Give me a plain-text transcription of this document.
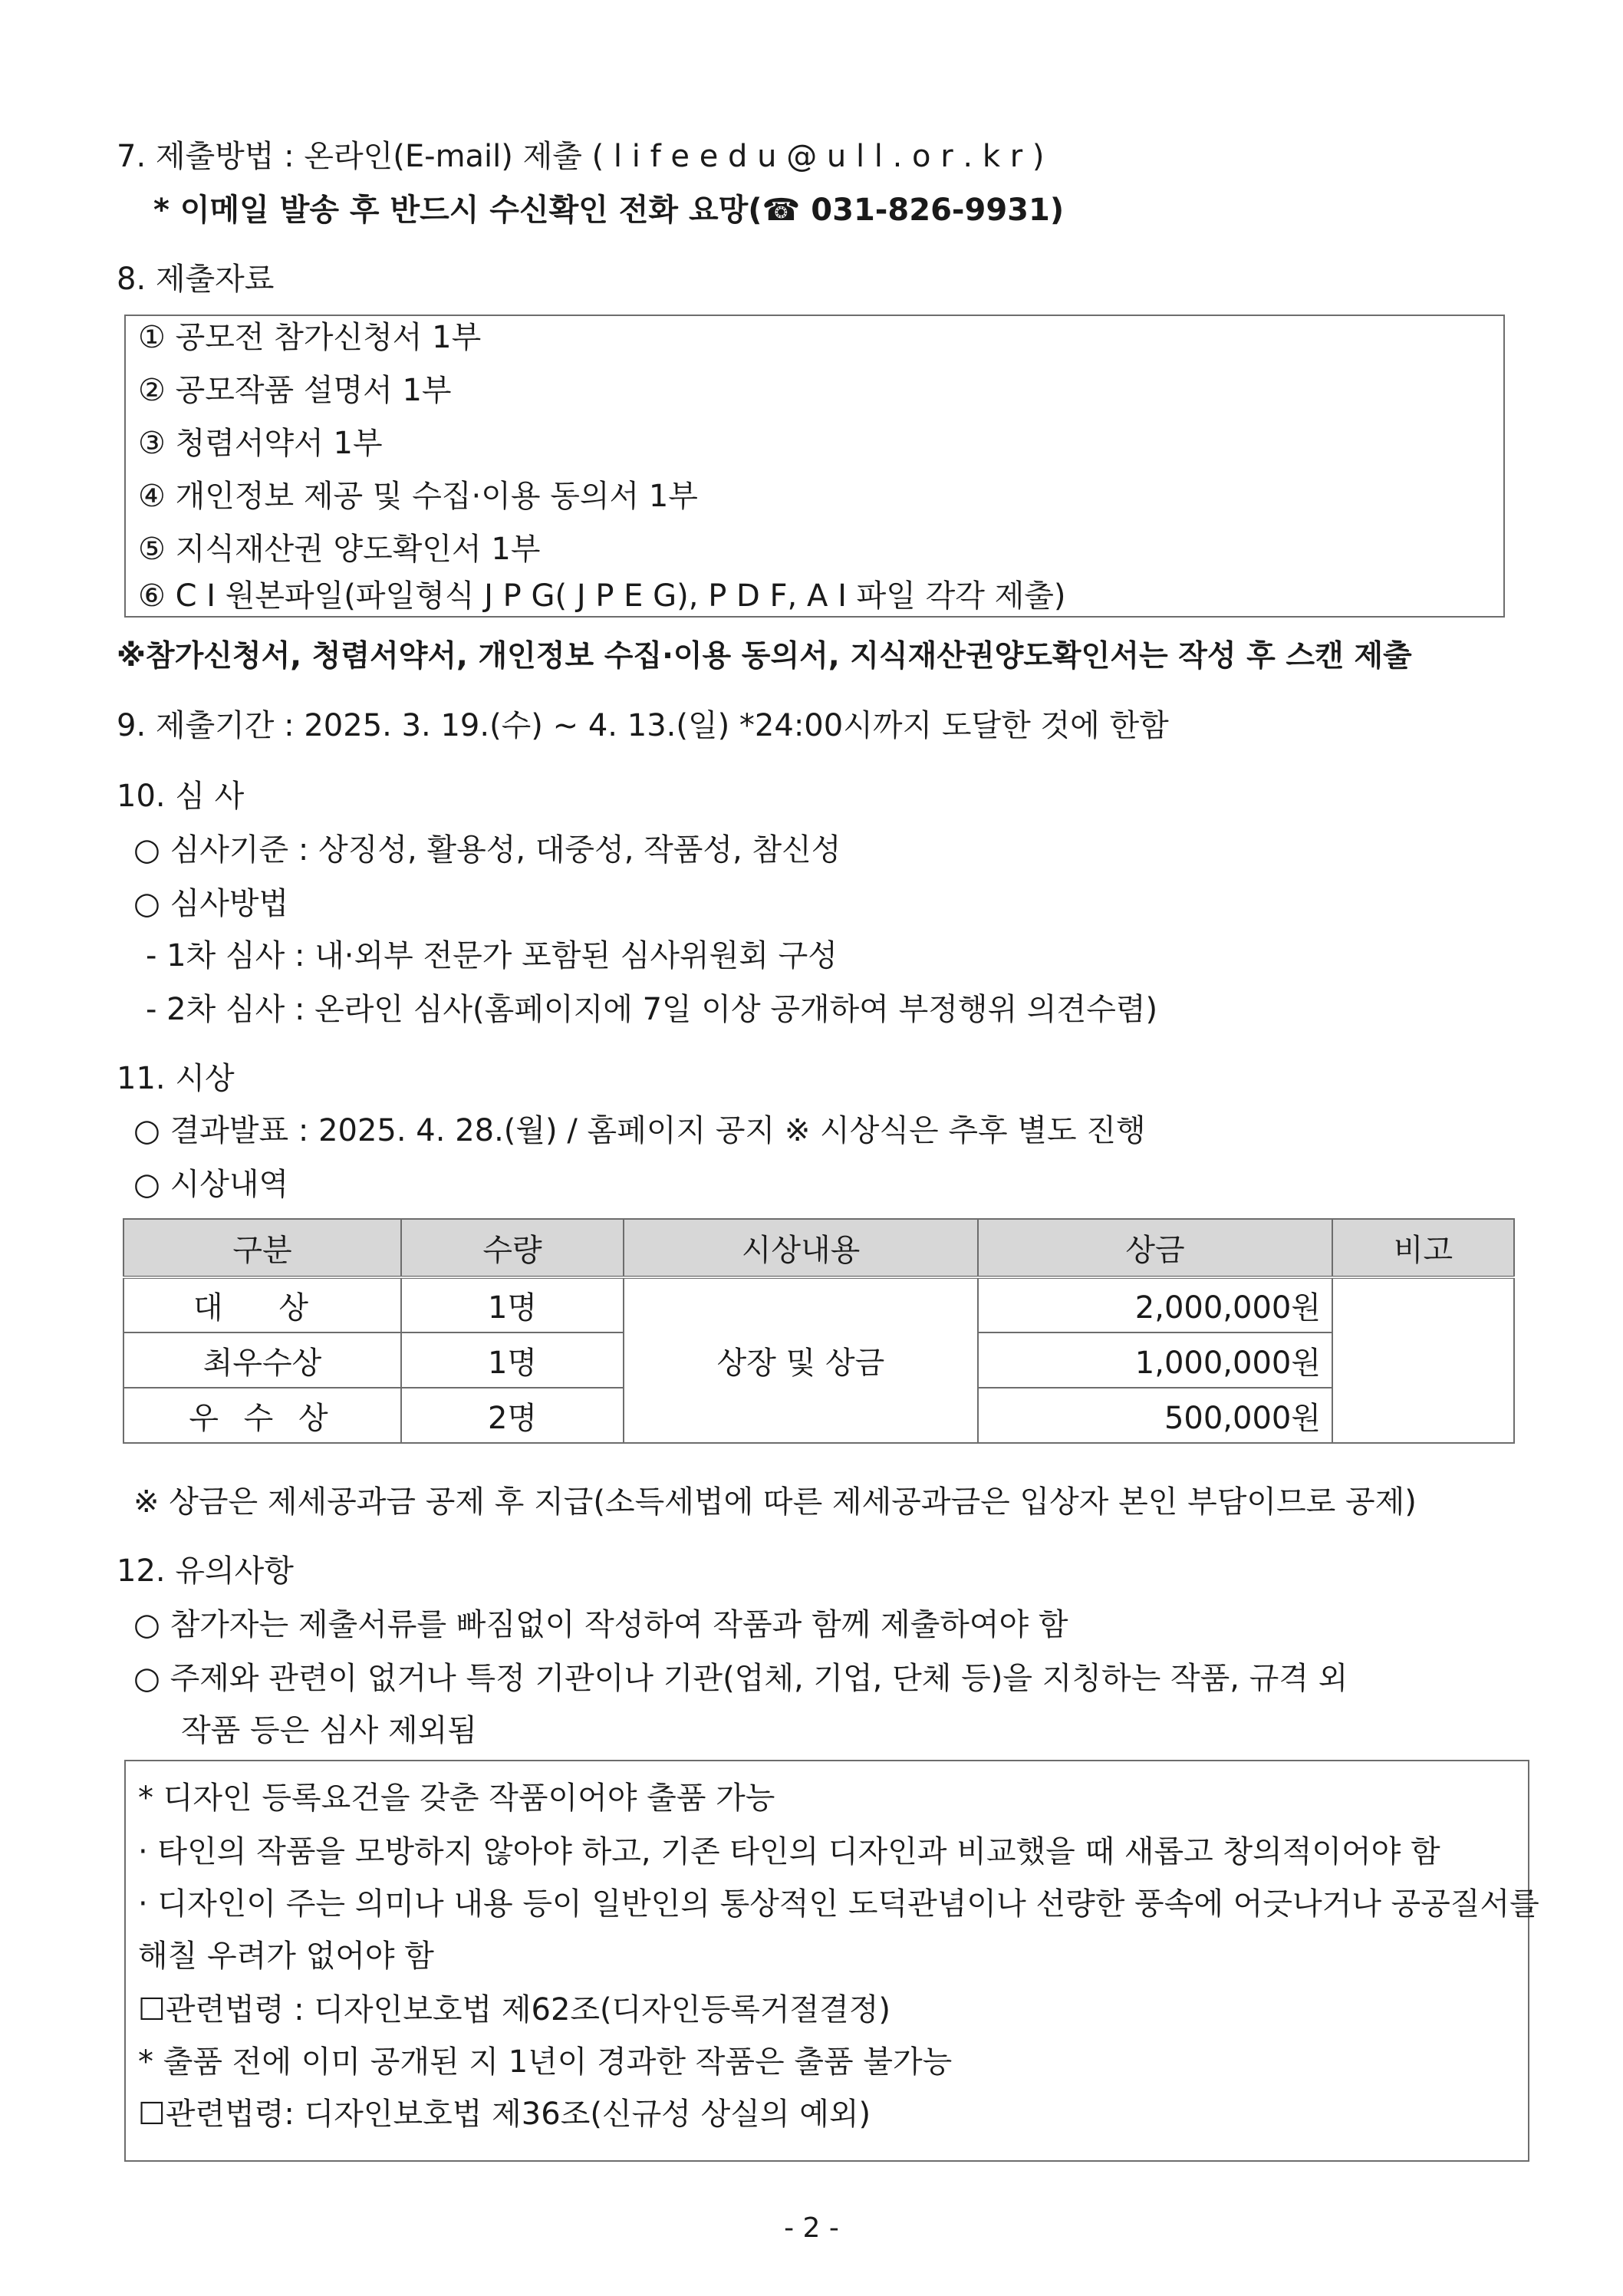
7. 제출방법 : 온라인(E-mail) 제출 ( l i f e e d u @ u l l . o r . k r )
* 이메일 발송 후 반드시 수신확인 전화 요망(☎ 031-826-9931)
8. 제출자료
① 공모전 참가신청서 1부
② 공모작품 설명서 1부
③ 청렴서약서 1부
④ 개인정보 제공 및 수집·이용 동의서 1부
⑤ 지식재산권 양도확인서 1부
⑥ C I 원본파일(파일형식 J P G( J P E G), P D F, A I 파일 각각 제출)
※참가신청서, 청렴서약서, 개인정보 수집·이용 동의서, 지식재산권양도확인서는 작성 후 스캔 제출
9. 제출기간 : 2025. 3. 19.(수) ~ 4. 13.(일) *24:00시까지 도달한 것에 한함
10. 심 사
○ 심사기준 : 상징성, 활용성, 대중성, 작품성, 참신성
○ 심사방법
- 1차 심사 : 내·외부 전문가 포함된 심사위원회 구성
- 2차 심사 : 온라인 심사(홈페이지에 7일 이상 공개하여 부정행위 의견수렴)
11. 시상
○ 결과발표 : 2025. 4. 28.(월) / 홈페이지 공지 ※ 시상식은 추후 별도 진행
○ 시상내역
구분	수량	시상내용	상금	비고
대 상	1명	상장 및 상금	2,000,000원	
최우수상	1명		1,000,000원	
우 수 상	2명		500,000원	
※ 상금은 제세공과금 공제 후 지급(소득세법에 따른 제세공과금은 입상자 본인 부담이므로 공제)
12. 유의사항
○ 참가자는 제출서류를 빠짐없이 작성하여 작품과 함께 제출하여야 함
○ 주제와 관련이 없거나 특정 기관이나 기관(업체, 기업, 단체 등)을 지칭하는 작품, 규격 외
작품 등은 심사 제외됨
* 디자인 등록요건을 갖춘 작품이어야 출품 가능
· 타인의 작품을 모방하지 않아야 하고, 기존 타인의 디자인과 비교했을 때 새롭고 창의적이어야 함
· 디자인이 주는 의미나 내용 등이 일반인의 통상적인 도덕관념이나 선량한 풍속에 어긋나거나 공공질서를
해칠 우려가 없어야 함
☐관련법령 : 디자인보호법 제62조(디자인등록거절결정)
* 출품 전에 이미 공개된 지 1년이 경과한 작품은 출품 불가능
☐관련법령: 디자인보호법 제36조(신규성 상실의 예외)
- 2 -
